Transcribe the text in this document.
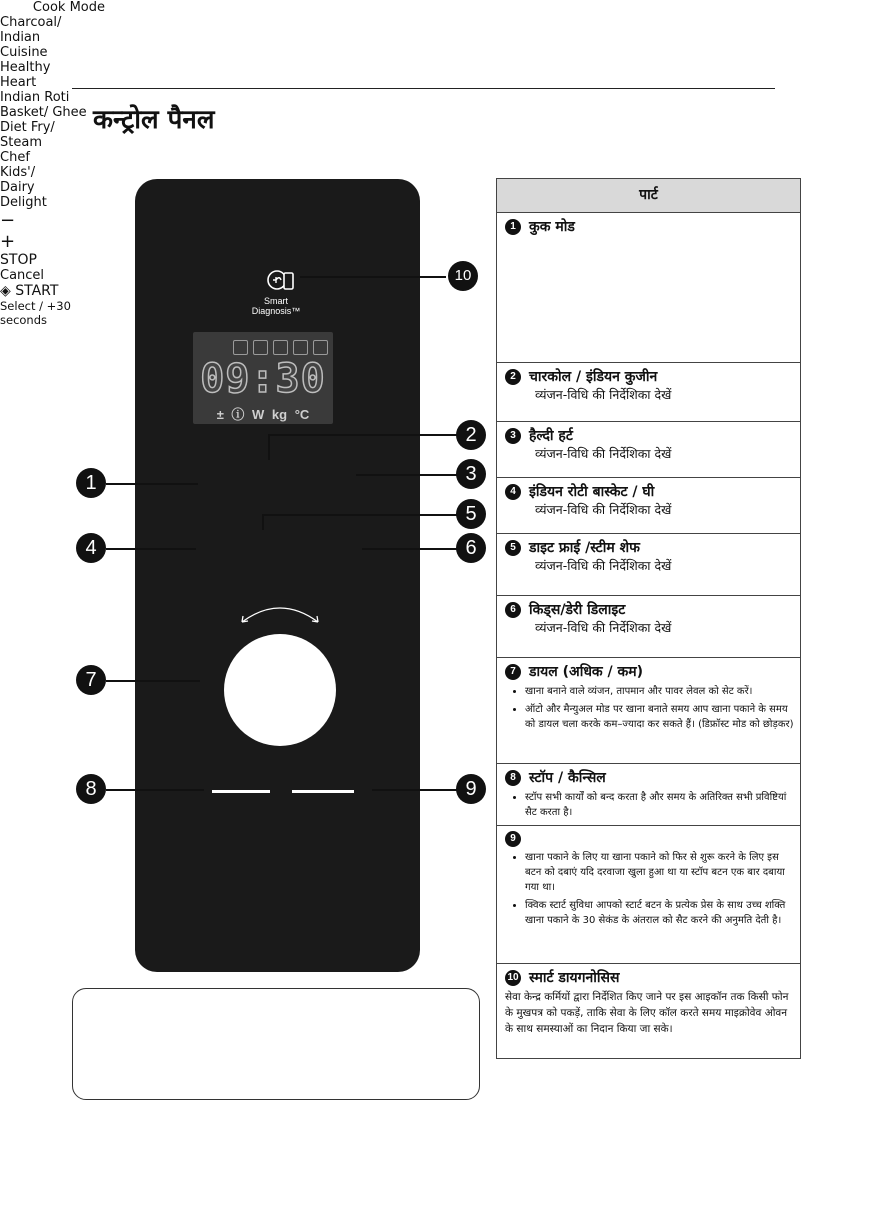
कन्ट्रोल पैनल
Smart
Diagnosis™
09:30
± ⓘ W kg °C
Cook Mode
Charcoal/ Indian Cuisine
Healthy Heart
Indian Roti Basket/ Ghee
Diet Fry/ Steam Chef
Kids'/ Dairy Delight
−
+
STOP
Cancel
◈ START
Select / +30 seconds
1
2
3
4
5
6
7
8	9
10
पार्ट
1 कुक मोड
2 चारकोल / इंडियन कुजीन
व्यंजन-विधि की निर्देशिका देखें
3 हैल्दी हर्ट
व्यंजन-विधि की निर्देशिका देखें
4 इंडियन रोटी बास्केट / घी
व्यंजन-विधि की निर्देशिका देखें
5 डाइट फ्राई /स्टीम शेफ
व्यंजन-विधि की निर्देशिका देखें
6 किड्स/डेरी डिलाइट
व्यंजन-विधि की निर्देशिका देखें
7 डायल (अधिक / कम)
• खाना बनाने वाले व्यंजन, तापमान और पावर लेवल को सेट करें।
• ऑटो और मैन्युअल मोड पर खाना बनाते समय आप खाना पकाने के समय को डायल चला करके कम–ज्यादा कर सकते हैं। (डिफ्रॉस्ट मोड को छोड़कर)
8 स्टॉप / कैन्सिल
• स्टॉप सभी कार्यों को बन्द करता है और समय के अतिरिक्त सभी प्रविष्टियां सैट करता है।
9
• खाना पकाने के लिए या खाना पकाने को फिर से शुरू करने के लिए इस बटन को दबाएं यदि दरवाजा खुला हुआ था या स्टॉप बटन एक बार दबाया गया था।
• क्विक स्टार्ट सुविधा आपको स्टार्ट बटन के प्रत्येक प्रेस के साथ उच्च शक्ति खाना पकाने के 30 सेकंड के अंतराल को सैट करने की अनुमति देती है।
10 स्मार्ट डायगनोसिस
सेवा केन्द्र कर्मियों द्वारा निर्देशित किए जाने पर इस आइकॉन तक किसी फोन के मुखपत्र को पकड़ें, ताकि सेवा के लिए कॉल करते समय माइक्रोवेव ओवन के साथ समस्याओं का निदान किया जा सके।
